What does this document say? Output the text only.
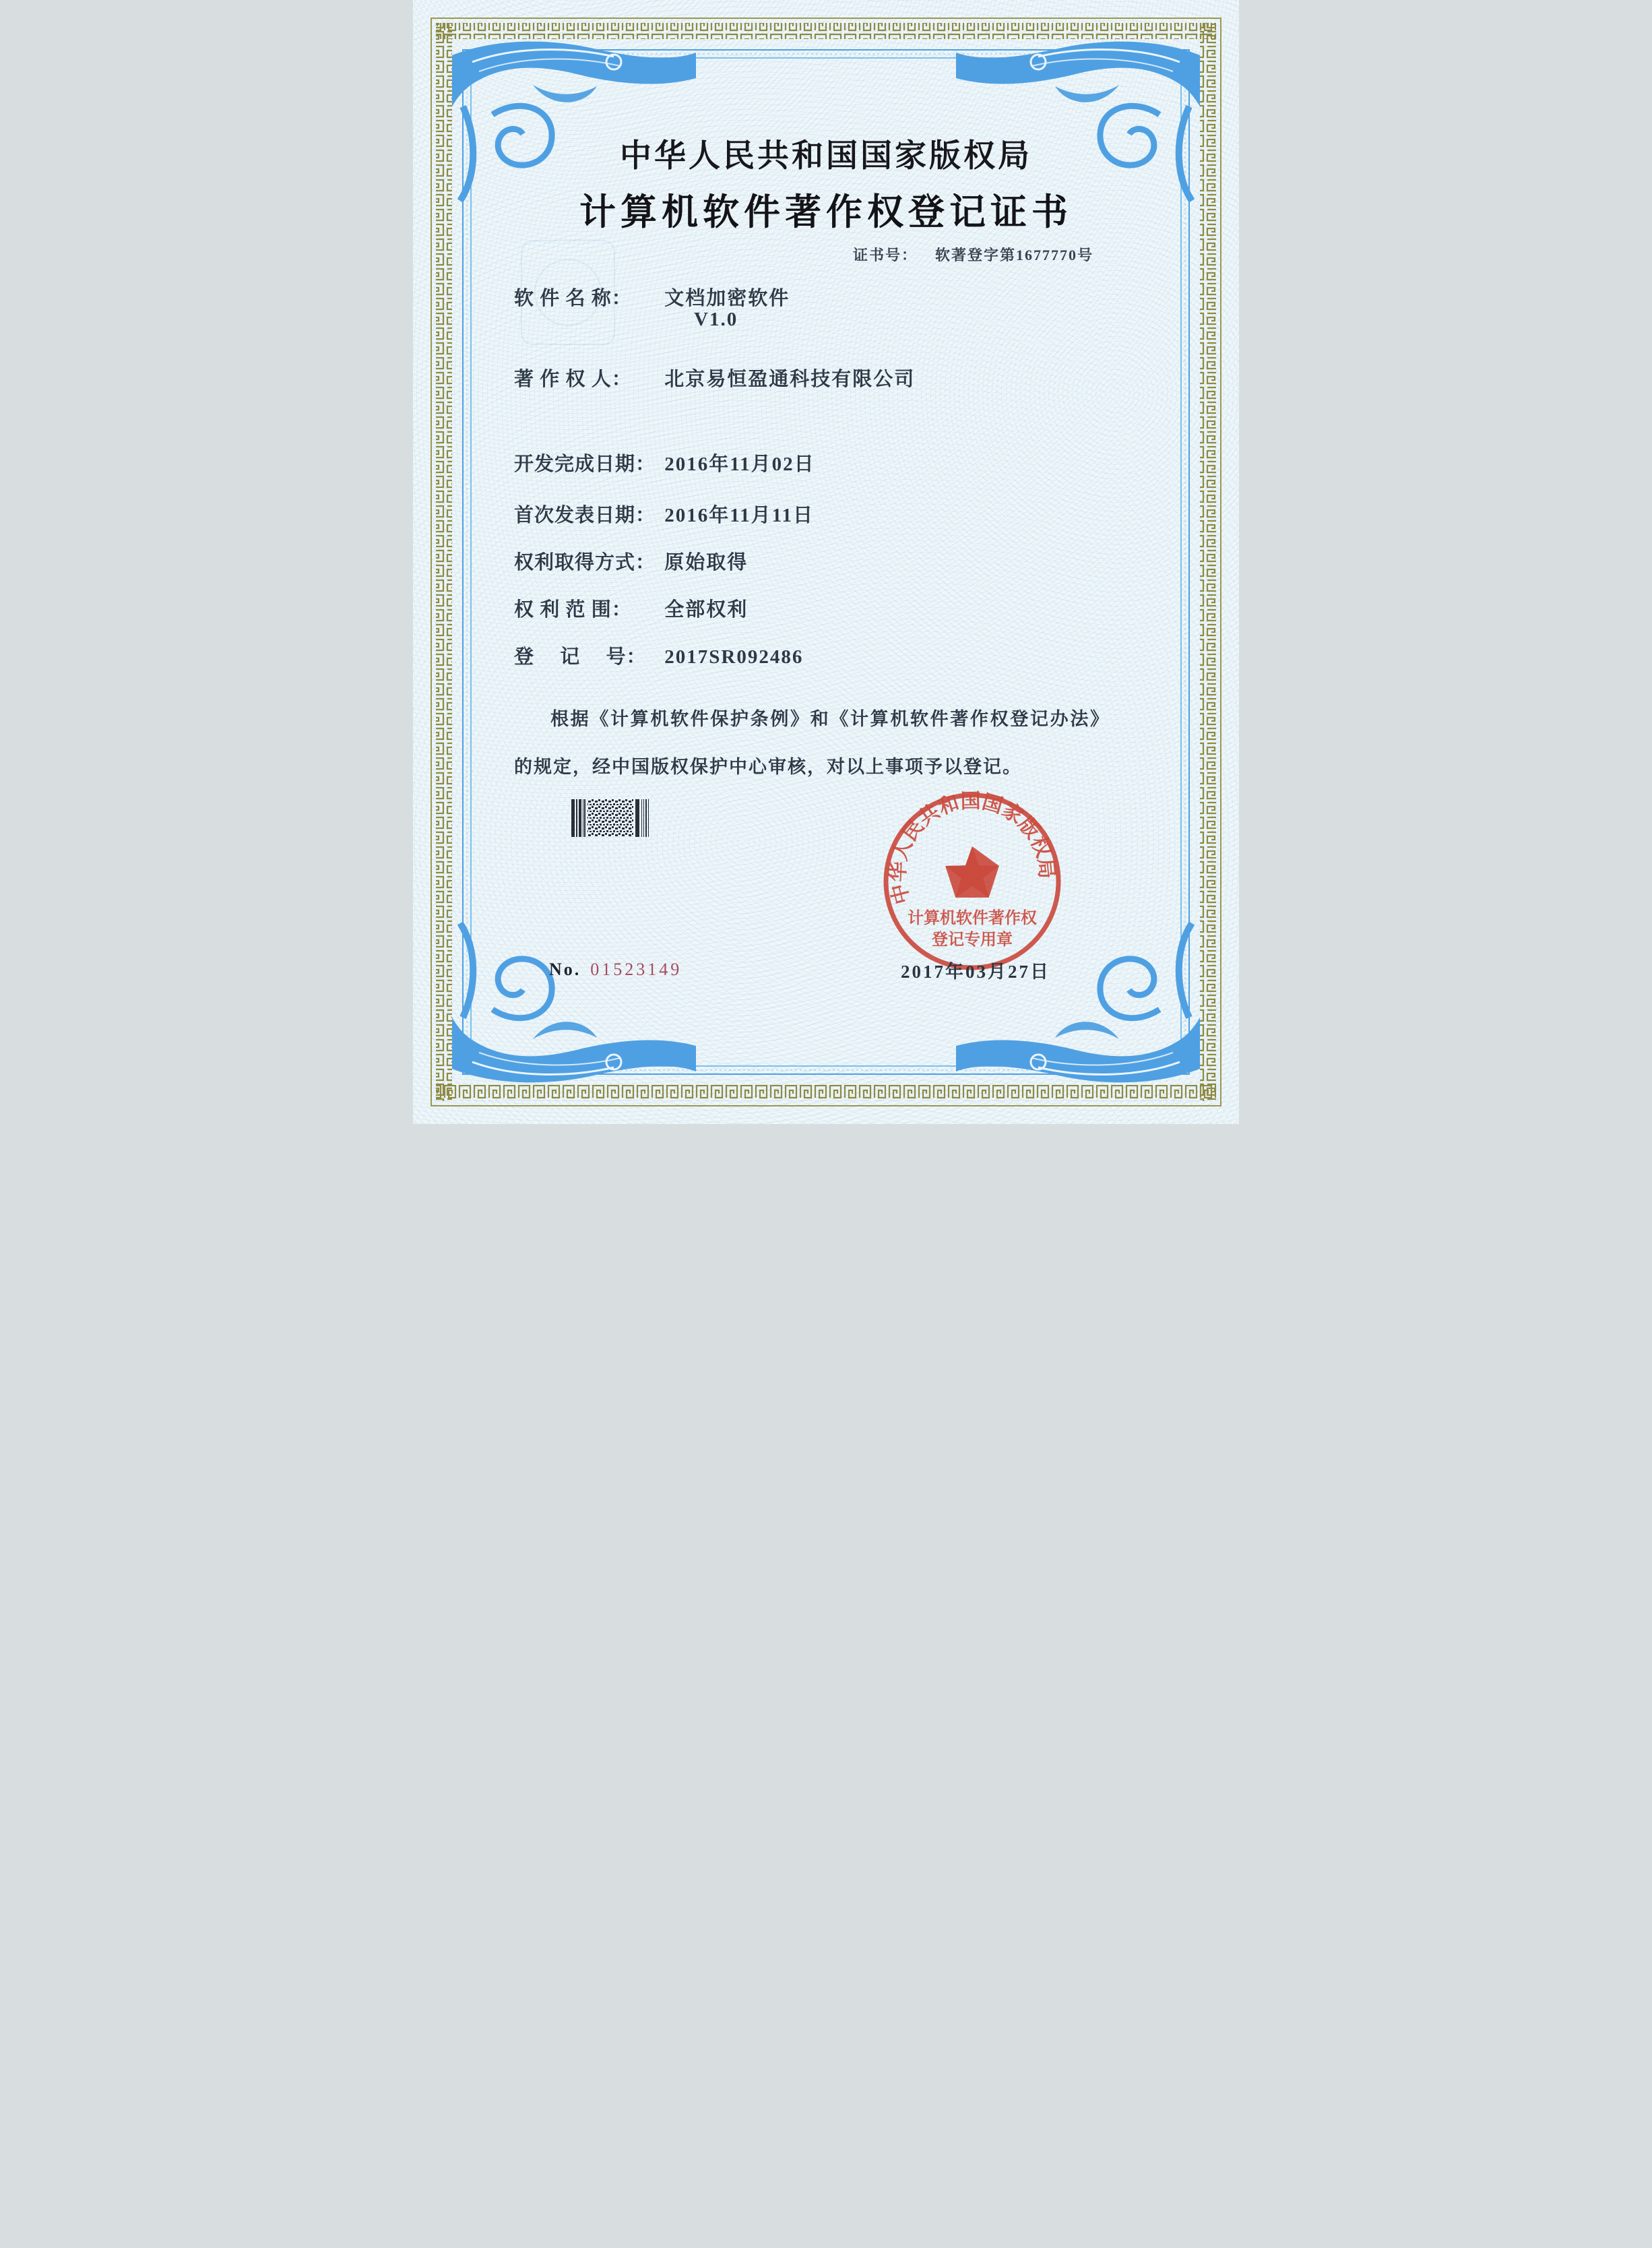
中华人民共和国国家版权局
计算机软件著作权登记证书
证书号： 软著登字第1677770号
软 件 名 称： 文档加密软件
著 作 权 人： 北京易恒盈通科技有限公司
开发完成日期： 2016年11月02日
首次发表日期： 2016年11月11日
权利取得方式： 原始取得
权 利 范 围： 全部权利
登　 记　 号： 2017SR092486
V1.0
根据《计算机软件保护条例》和《计算机软件著作权登记办法》的规定，经中国版权保护中心审核，对以上事项予以登记。
中华人民共和国国家版权局
计算机软件著作权
登记专用章
2017年03月27日
No. 01523149
